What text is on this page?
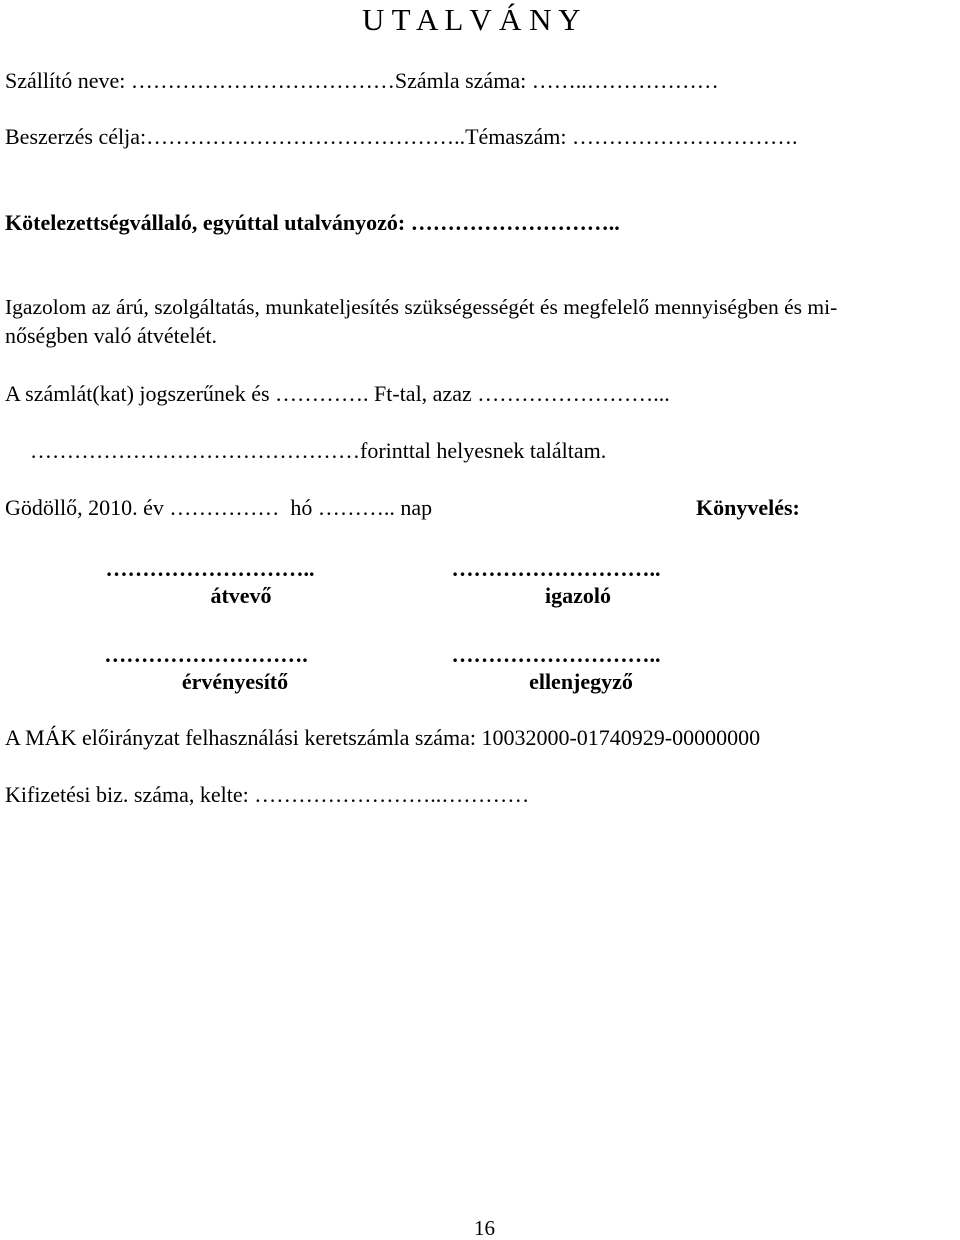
U T A L V Á N Y
Szállító neve: ………………………………Számla száma: ……..………………
Beszerzés célja:……………………………………..Témaszám: ………………………….
Kötelezettségvállaló, egyúttal utalványozó: ………………………..
Igazolom az árú, szolgáltatás, munkateljesítés szükségességét és megfelelő mennyiségben és mi-
nőségben való átvételét.
A számlát(kat) jogszerűnek és …………. Ft-tal, azaz ……………………...
………………………………………forinttal helyesnek találtam.
Gödöllő, 2010. év ……………  hó ……….. nap	Könyvelés:
………………………..
átvevő
………………………..
igazoló
……………………….
érvényesítő
………………………..
ellenjegyző
A MÁK előirányzat felhasználási keretszámla száma: 10032000-01740929-00000000
Kifizetési biz. száma, kelte: ……………………..…………
16
